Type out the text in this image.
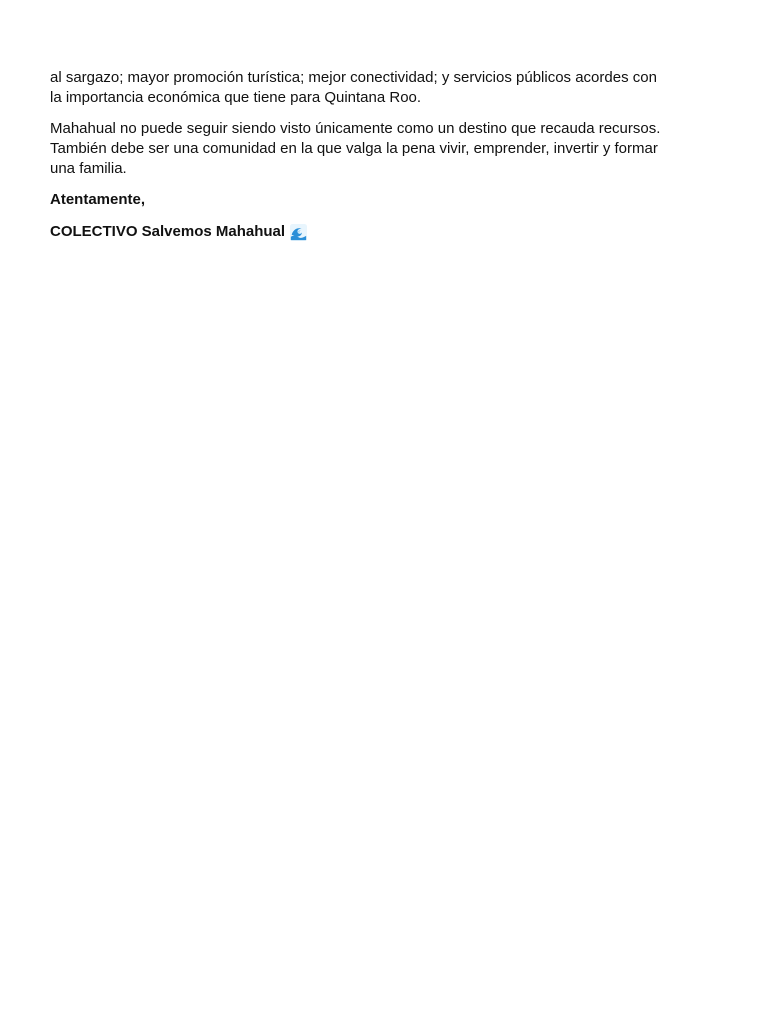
al sargazo; mayor promoción turística; mejor conectividad; y servicios públicos acordes con
la importancia económica que tiene para Quintana Roo.

Mahahual no puede seguir siendo visto únicamente como un destino que recauda recursos.
También debe ser una comunidad en la que valga la pena vivir, emprender, invertir y formar
una familia.

Atentamente,

COLECTIVO Salvemos Mahahual
